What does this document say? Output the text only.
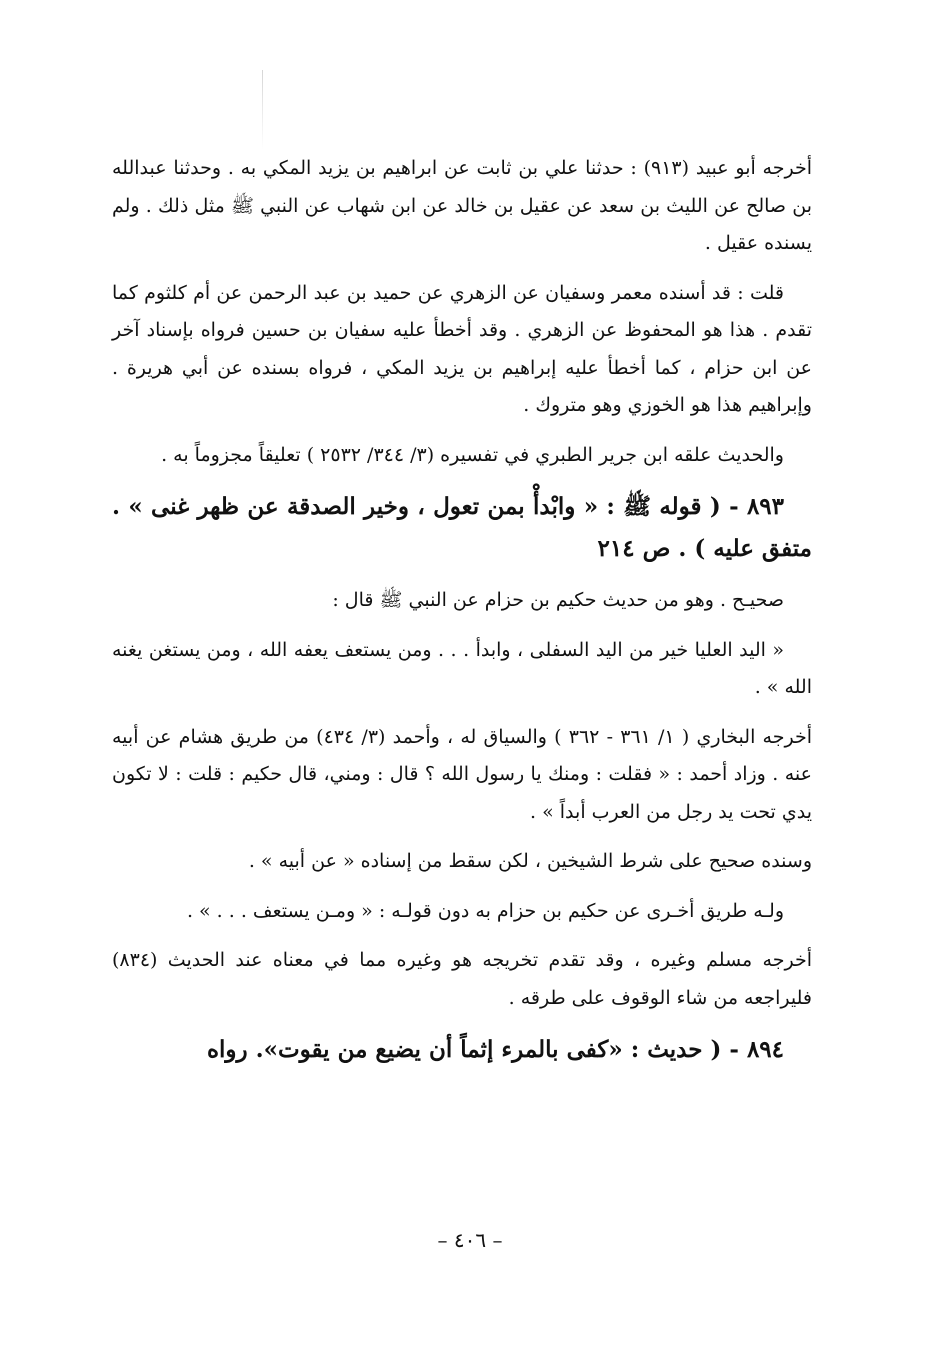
أخرجه أبو عبيد (٩١٣) : حدثنا علي بن ثابت عن ابراهيم بن يزيد المكي به . وحدثنا عبدالله بن صالح عن الليث بن سعد عن عقيل بن خالد عن ابن شهاب عن النبي ﷺ مثل ذلك . ولم يسنده عقيل .

قلت : قد أسنده معمر وسفيان عن الزهري عن حميد بن عبد الرحمن عن أم كلثوم كما تقدم . هذا هو المحفوظ عن الزهري . وقد أخطأ عليه سفيان بن حسين فرواه بإسناد آخر عن ابن حزام ، كما أخطأ عليه إبراهيم بن يزيد المكي ، فرواه بسنده عن أبي هريرة . وإبراهيم هذا هو الخوزي وهو متروك .

والحديث علقه ابن جرير الطبري في تفسيره (٣/ ٣٤٤/ ٢٥٣٢ ) تعليقاً مجزوماً به .

٨٩٣ - ( قوله ﷺ : « وابْدأْ بمن تعول ، وخير الصدقة عن ظهر غنى » . متفق عليه ) . ص ٢١٤

صحيـح . وهو من حديث حكيم بن حزام عن النبي ﷺ قال :

« اليد العليا خير من اليد السفلى ، وابدأ . . . ومن يستعف يعفه الله ، ومن يستغن يغنه الله » .

أخرجه البخاري ( ١/ ٣٦١ - ٣٦٢ ) والسياق له ، وأحمد (٣/ ٤٣٤) من طريق هشام عن أبيه عنه . وزاد أحمد : « فقلت : ومنك يا رسول الله ؟ قال : ومني، قال حكيم : قلت : لا تكون يدي تحت يد رجل من العرب أبداً » .

وسنده صحيح على شرط الشيخين ، لكن سقط من إسناده « عن أبيه » .

ولـه طريق أخـرى عن حكيم بن حزام به دون قولـه : « ومـن يستعف . . . » .

أخرجه مسلم وغيره ، وقد تقدم تخريجه هو وغيره مما في معناه عند الحديث (٨٣٤) فليراجعه من شاء الوقوف على طرقه .

٨٩٤ - ( حديث : «كفى بالمرء إثماً أن يضيع من يقوت». رواه

– ٤٠٦ –
